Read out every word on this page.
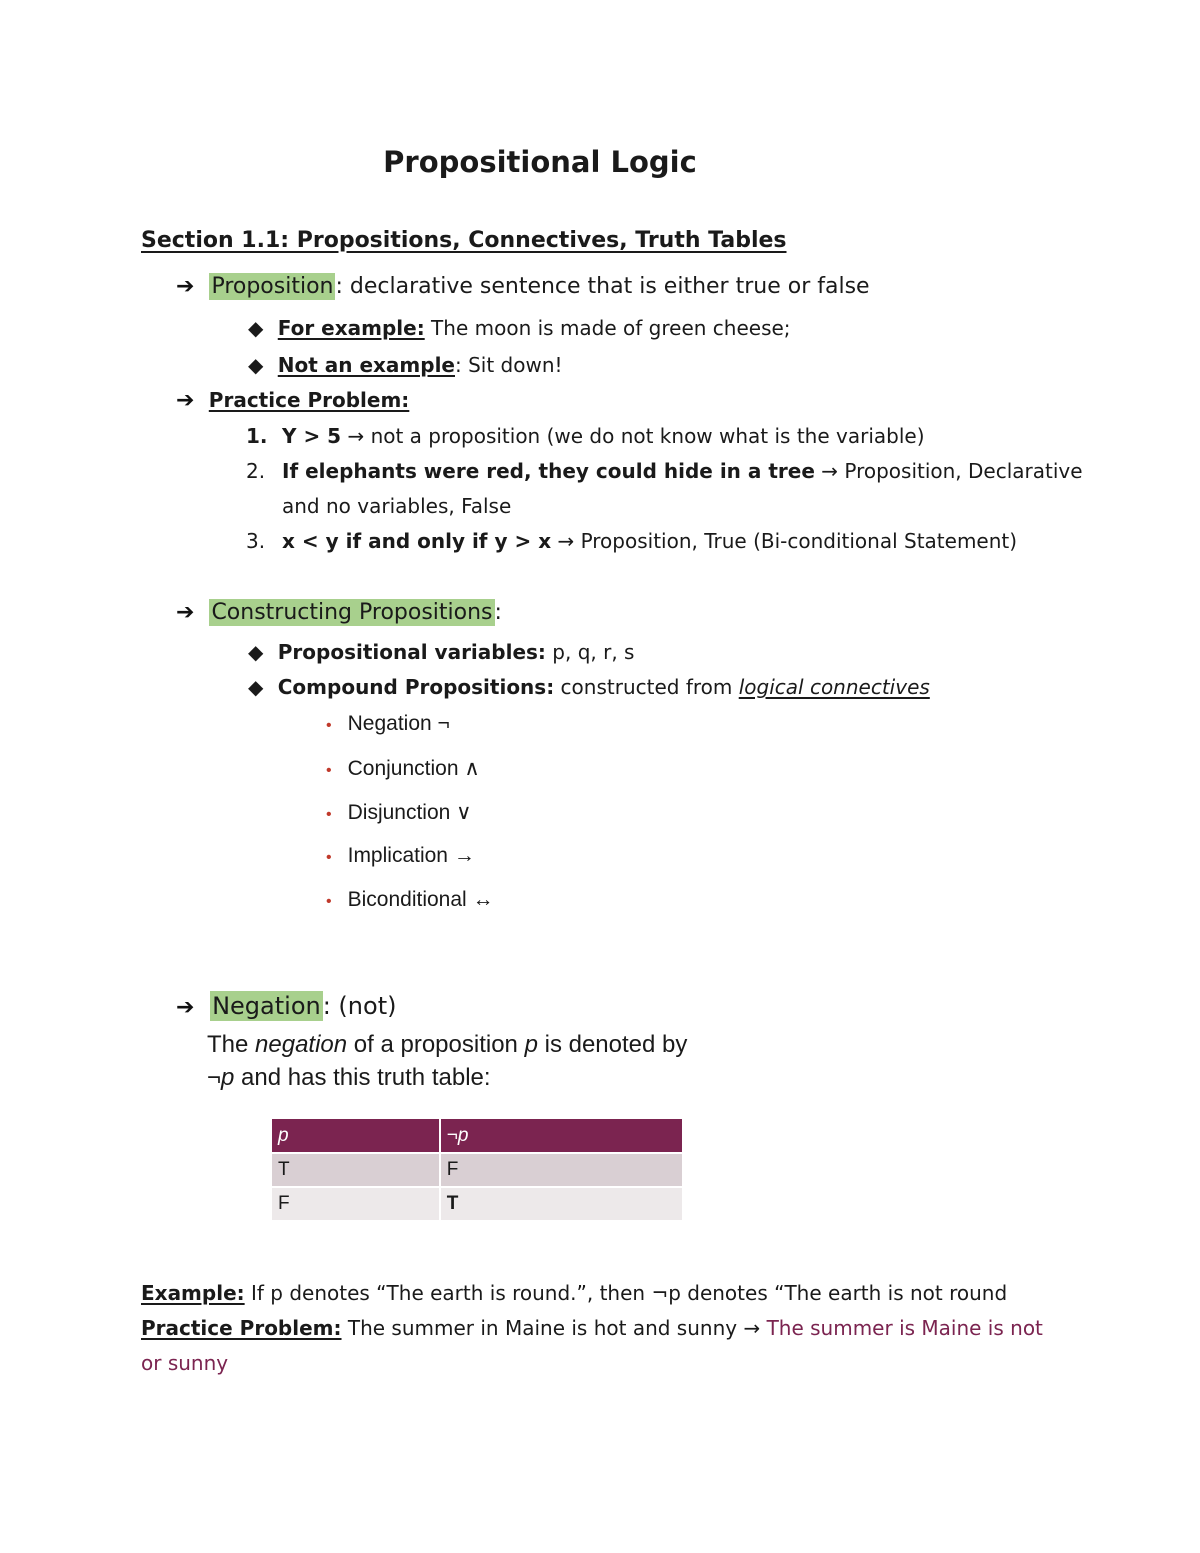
Propositional Logic
Section 1.1: Propositions, Connectives, Truth Tables
➔ Proposition: declarative sentence that is either true or false
◆ For example: The moon is made of green cheese;
◆ Not an example: Sit down!
➔ Practice Problem:
1. Y > 5 → not a proposition (we do not know what is the variable)
2. If elephants were red, they could hide in a tree → Proposition, Declarative
and no variables, False
3. x < y if and only if y > x → Proposition, True (Bi-conditional Statement)
➔ Constructing Propositions:
◆ Propositional variables: p, q, r, s
◆ Compound Propositions: constructed from logical connectives
• Negation ¬
• Conjunction ∧
• Disjunction ∨
• Implication →
• Biconditional ↔
➔ Negation: (not)
The negation of a proposition p is denoted by
¬p and has this truth table:
p	¬p
T	F
F	T
Example: If p denotes “The earth is round.”, then ¬p denotes “The earth is not round
Practice Problem: The summer in Maine is hot and sunny → The summer is Maine is not
or sunny
